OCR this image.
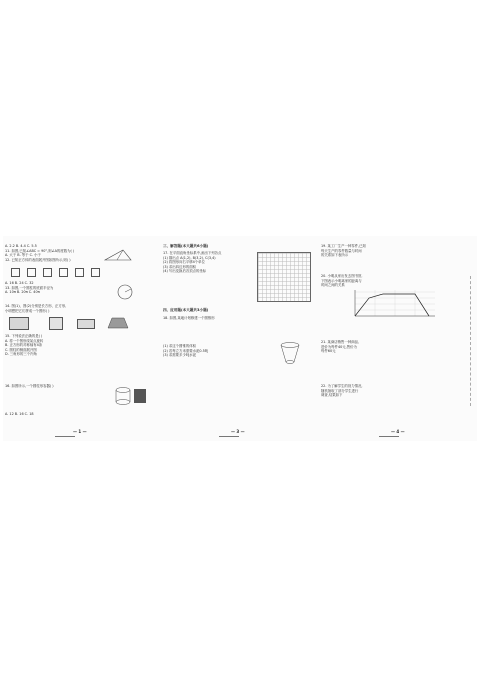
A. 2.2 B. 4.4 C. 5.5
11. 如图,已知∠ABC = 90°,则∠A的度数为( )
A. 大于 B. 等于 C. 小于
12. 已知正方体的表面展开图如图所示,则( )
A. 16 B. 24 C. 32
13. 如图,一个圆柱的底面半径为
A. 10π B. 20π C. 40π
14. 图(1)、图(2)分别是长方形、正方形,
小明想把它们拼成一个图形( )
15. 下列说法正确的是( )
A. 将一个图形绕某点旋转
B. 正方形的对称轴有4条
C. 圆柱的侧面展开图
D. 三角形的三个内角
16. 如图所示,一个圆柱形容器( )
A. 12 B. 16 C. 18
— 1 —
三、解答题(本大题共6小题)
17. 在平面直角坐标系中,画出下列各点
(1) 描出点 A(1,2), B(3,2), C(3,4)
(2) 将图形向右平移4个单位
(3) 求出四边形的面积
(4) 写出变换后各顶点的坐标
四、应用题(本大题共3小题)
18. 如图,某地计划修建一个圆锥形
(1) 求这个圆锥的体积
(2) 若每立方米需要水泥0.5吨
(3) 求需要多少吨水泥
— 3 —
19. 某工厂生产一种零件,已知
每天生产的零件数量与时间
的关系如下表所示
20. 小明从家出发去图书馆,
下图表示小明离家的距离与
时间之间的关系
21. 某商店销售一种商品,
进价为每件40元,售价为
每件60元
22. 为了解学生的视力情况,
随机抽取了部分学生进行
调查,结果如下
— 4 —
